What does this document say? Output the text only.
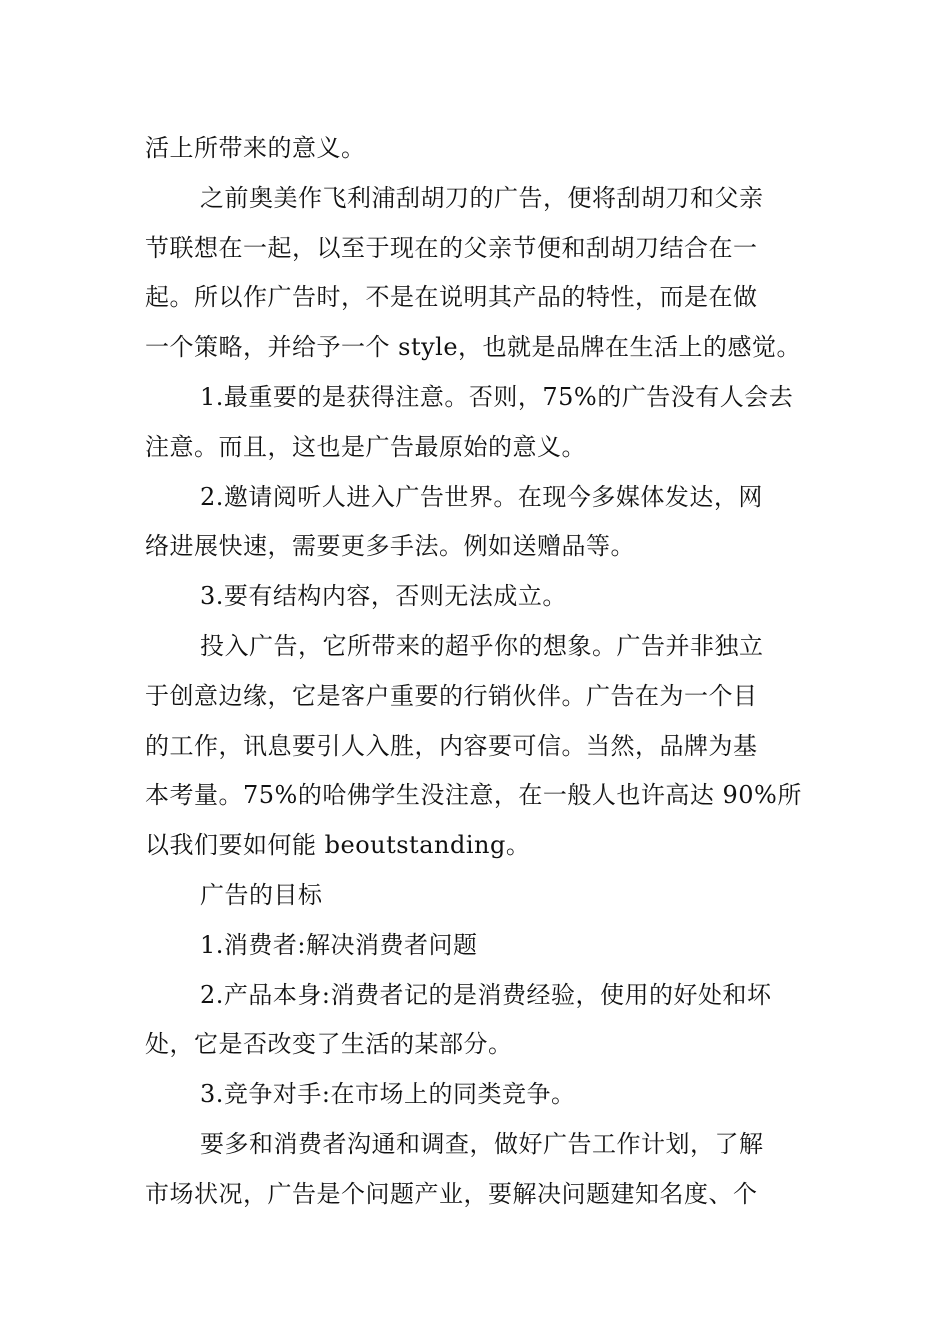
活上所带来的意义。
之前奥美作飞利浦刮胡刀的广告，便将刮胡刀和父亲
节联想在一起，以至于现在的父亲节便和刮胡刀结合在一
起。所以作广告时，不是在说明其产品的特性，而是在做
一个策略，并给予一个 style，也就是品牌在生活上的感觉。
1.最重要的是获得注意。否则，75%的广告没有人会去
注意。而且，这也是广告最原始的意义。
2.邀请阅听人进入广告世界。在现今多媒体发达，网
络进展快速，需要更多手法。例如送赠品等。
3.要有结构内容，否则无法成立。
投入广告，它所带来的超乎你的想象。广告并非独立
于创意边缘，它是客户重要的行销伙伴。广告在为一个目
的工作，讯息要引人入胜，内容要可信。当然，品牌为基
本考量。75%的哈佛学生没注意，在一般人也许高达 90%所
以我们要如何能 beoutstanding。
广告的目标
1.消费者:解决消费者问题
2.产品本身:消费者记的是消费经验，使用的好处和坏
处，它是否改变了生活的某部分。
3.竞争对手:在市场上的同类竞争。
要多和消费者沟通和调查，做好广告工作计划，了解
市场状况，广告是个问题产业，要解决问题建知名度、个
